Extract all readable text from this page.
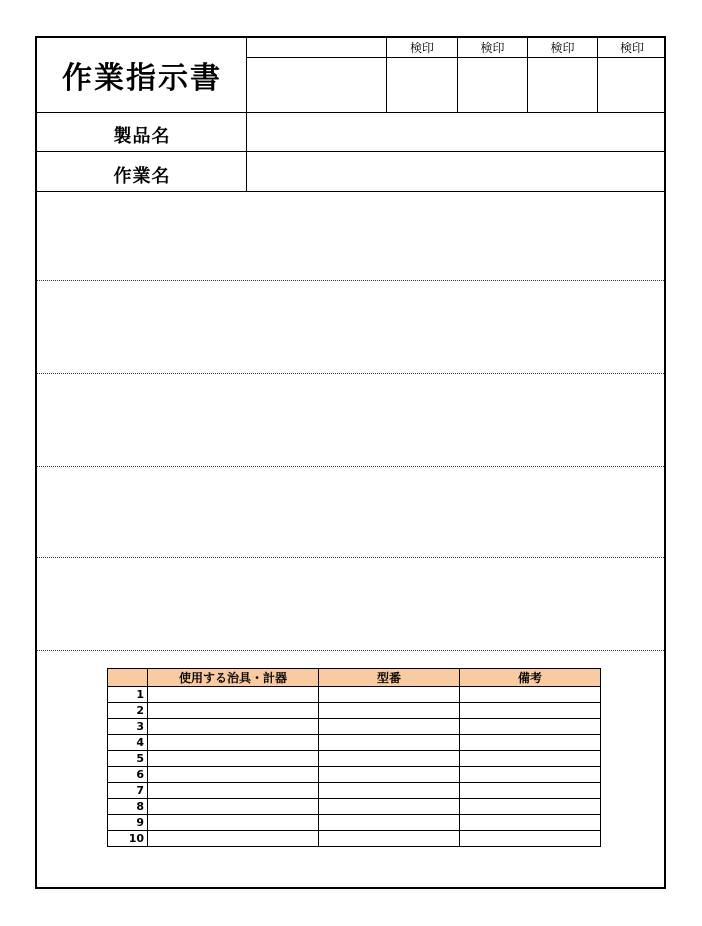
作業指示書
検印	検印	検印	検印
製品名
作業名
	使用する治具・計器	型番	備考
1			
2			
3			
4			
5			
6			
7			
8			
9			
10			
